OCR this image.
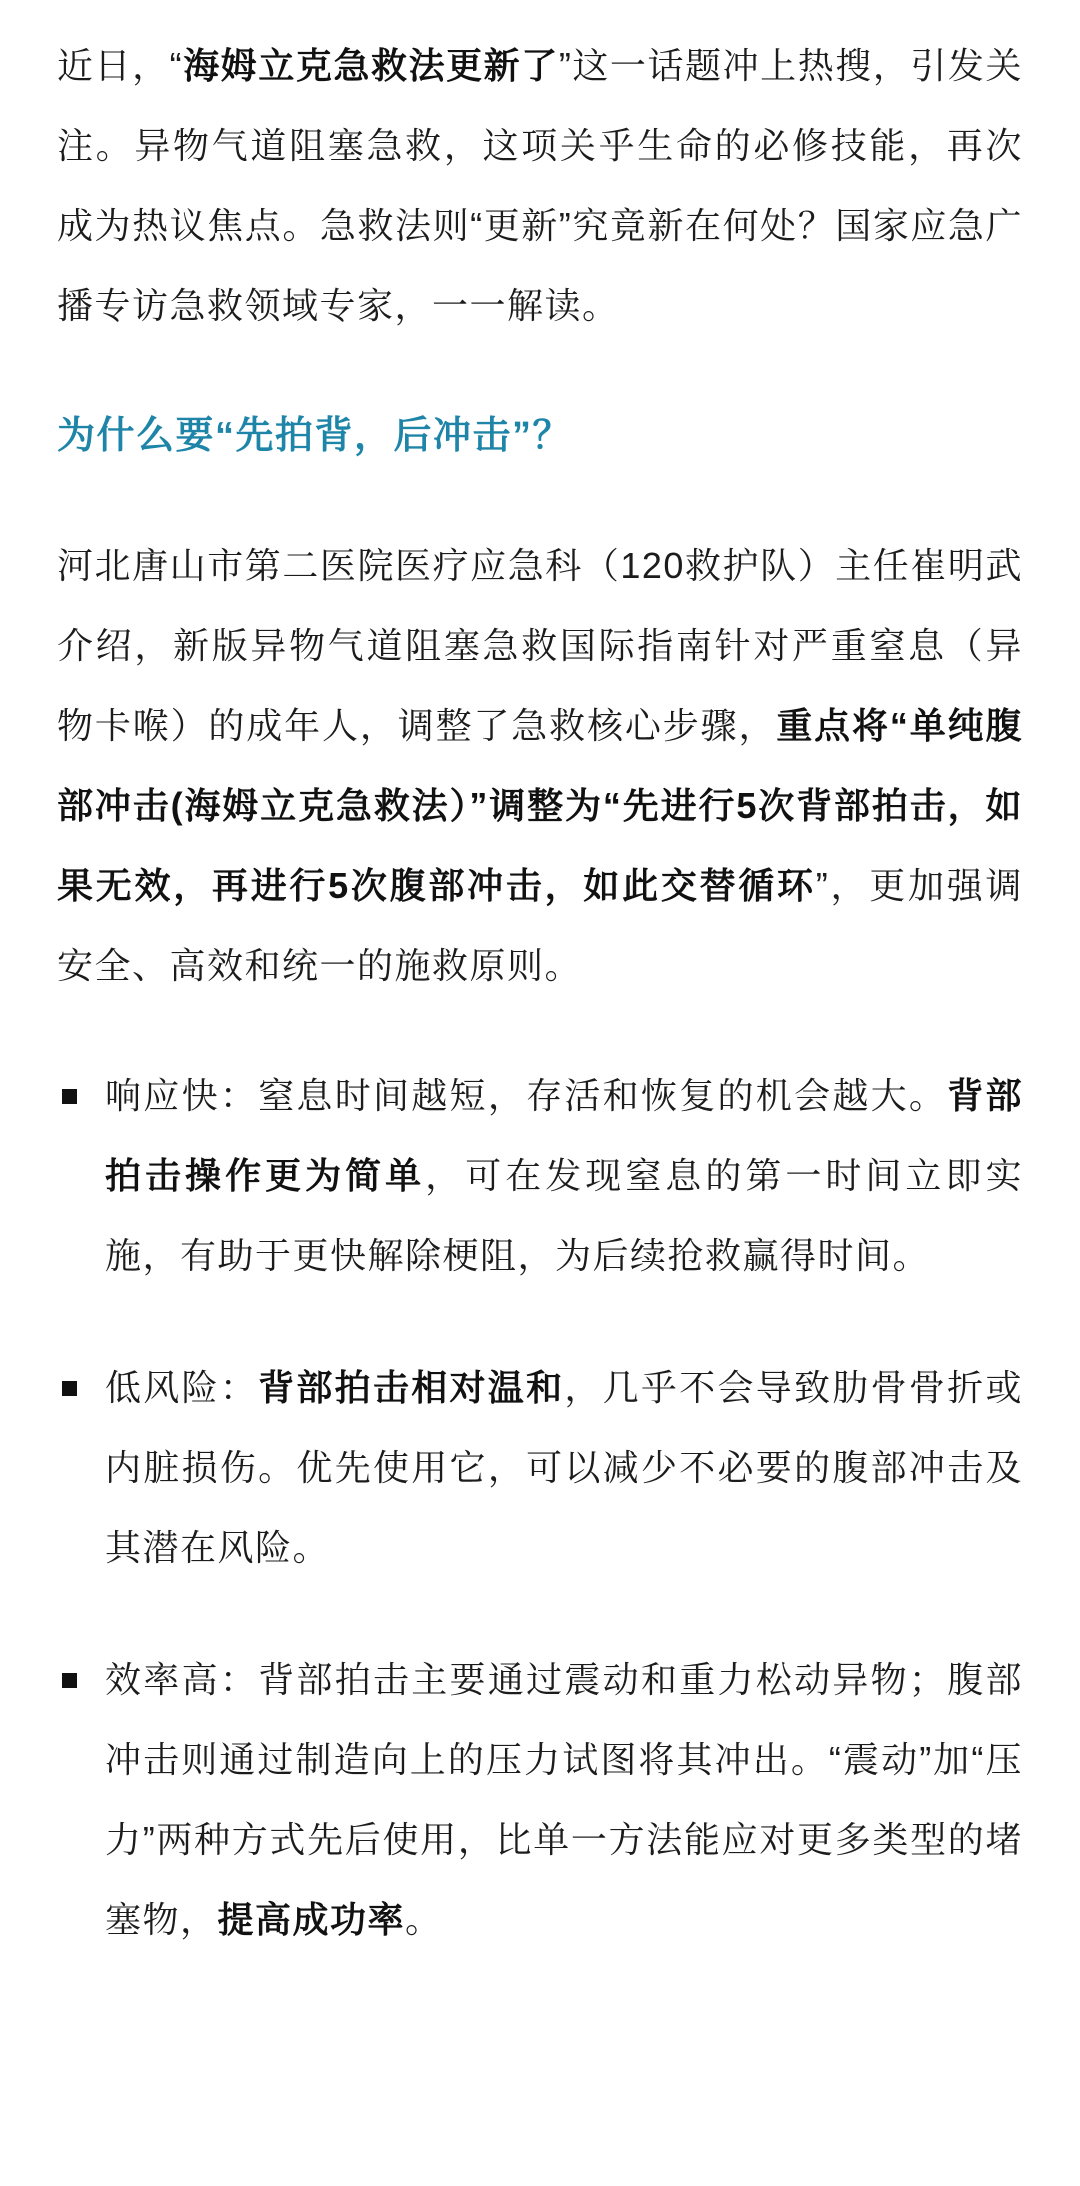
近日，“海姆立克急救法更新了”这一话题冲上热搜，引发关注。异物气道阻塞急救，这项关乎生命的必修技能，再次成为热议焦点。急救法则“更新”究竟新在何处？国家应急广播专访急救领域专家，一一解读。

为什么要“先拍背，后冲击”？

河北唐山市第二医院医疗应急科（120救护队）主任崔明武介绍，新版异物气道阻塞急救国际指南针对严重窒息（异物卡喉）的成年人，调整了急救核心步骤，重点将“单纯腹部冲击(海姆立克急救法）”调整为“先进行5次背部拍击，如果无效，再进行5次腹部冲击，如此交替循环”，更加强调安全、高效和统一的施救原则。

响应快：窒息时间越短，存活和恢复的机会越大。背部拍击操作更为简单，可在发现窒息的第一时间立即实施，有助于更快解除梗阻，为后续抢救赢得时间。
低风险：背部拍击相对温和，几乎不会导致肋骨骨折或内脏损伤。优先使用它，可以减少不必要的腹部冲击及其潜在风险。
效率高：背部拍击主要通过震动和重力松动异物；腹部冲击则通过制造向上的压力试图将其冲出。“震动”加“压力”两种方式先后使用，比单一方法能应对更多类型的堵塞物，提高成功率。
